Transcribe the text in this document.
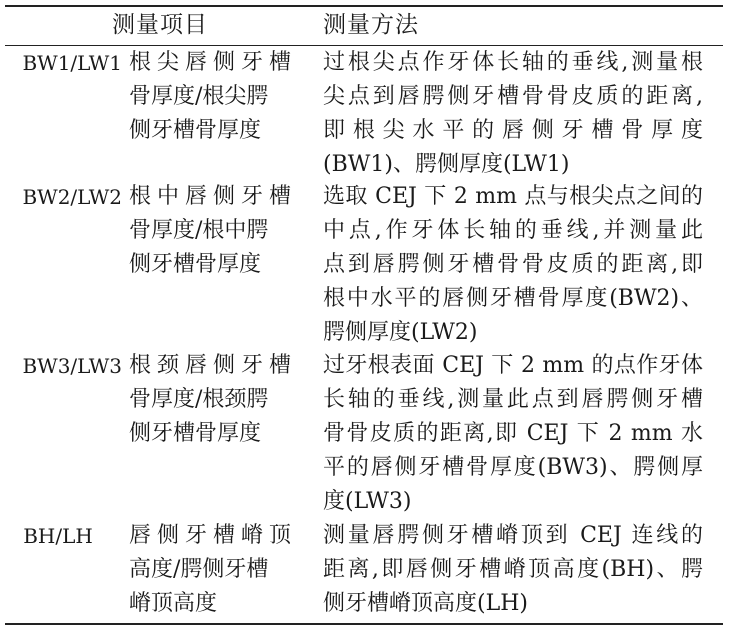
测量项目	测量方法
BW1/LW1 根尖唇侧牙槽
骨厚度/根尖腭
侧牙槽骨厚度
过根尖点作牙体长轴的垂线,测量根
尖点到唇腭侧牙槽骨骨皮质的距离,
即根尖水平的唇侧牙槽骨厚度
(BW1)、腭侧厚度(LW1)
BW2/LW2 根中唇侧牙槽
骨厚度/根中腭
侧牙槽骨厚度
选取 CEJ 下 2 mm 点与根尖点之间的
中点,作牙体长轴的垂线,并测量此
点到唇腭侧牙槽骨骨皮质的距离,即
根中水平的唇侧牙槽骨厚度(BW2)、
腭侧厚度(LW2)
BW3/LW3 根颈唇侧牙槽
骨厚度/根颈腭
侧牙槽骨厚度
过牙根表面 CEJ 下 2 mm 的点作牙体
长轴的垂线,测量此点到唇腭侧牙槽
骨骨皮质的距离,即 CEJ 下 2 mm 水
平的唇侧牙槽骨厚度(BW3)、腭侧厚
度(LW3)
BH/LH	唇侧牙槽嵴顶
高度/腭侧牙槽
嵴顶高度
测量唇腭侧牙槽嵴顶到 CEJ 连线的
距离,即唇侧牙槽嵴顶高度(BH)、腭
侧牙槽嵴顶高度(LH)
